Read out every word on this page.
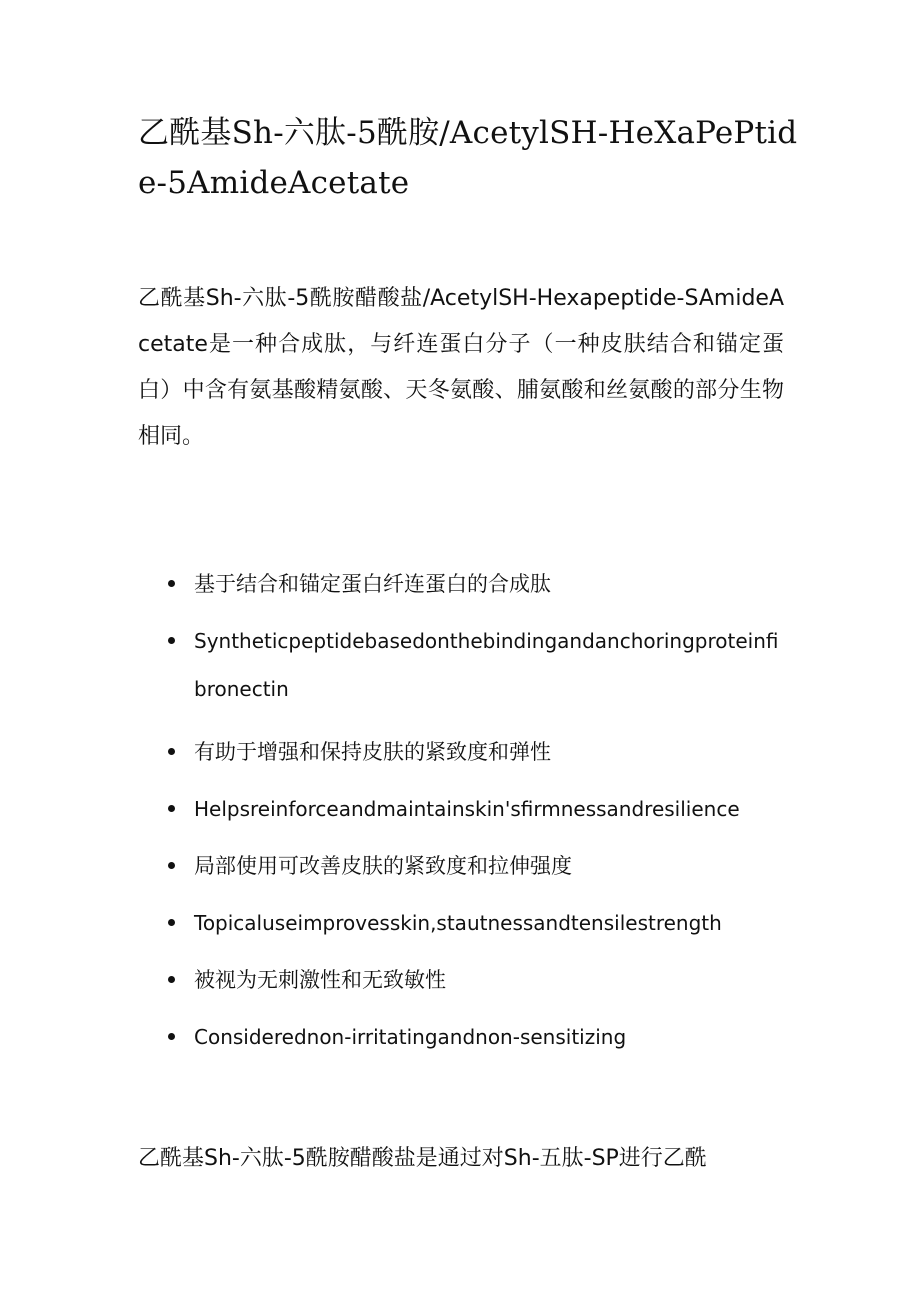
乙酰基Sh-六肽-5酰胺/AcetylSH-HeXaPePtide-5AmideAcetate

乙酰基Sh-六肽-5酰胺醋酸盐/AcetylSH-Hexapeptide-SAmideAcetate是一种合成肽，与纤连蛋白分子（一种皮肤结合和锚定蛋白）中含有氨基酸精氨酸、天冬氨酸、脯氨酸和丝氨酸的部分生物相同。

基于结合和锚定蛋白纤连蛋白的合成肽
Syntheticpeptidebasedonthebindingandanchoringproteinfibronectin
有助于增强和保持皮肤的紧致度和弹性
Helpsreinforceandmaintainskin'sfirmnessandresilience
局部使用可改善皮肤的紧致度和拉伸强度
Topicaluseimprovesskin,stautnessandtensilestrength
被视为无刺激性和无致敏性
Considerednon-irritatingandnon-sensitizing

乙酰基Sh-六肽-5酰胺醋酸盐是通过对Sh-五肽-SP进行乙酰
